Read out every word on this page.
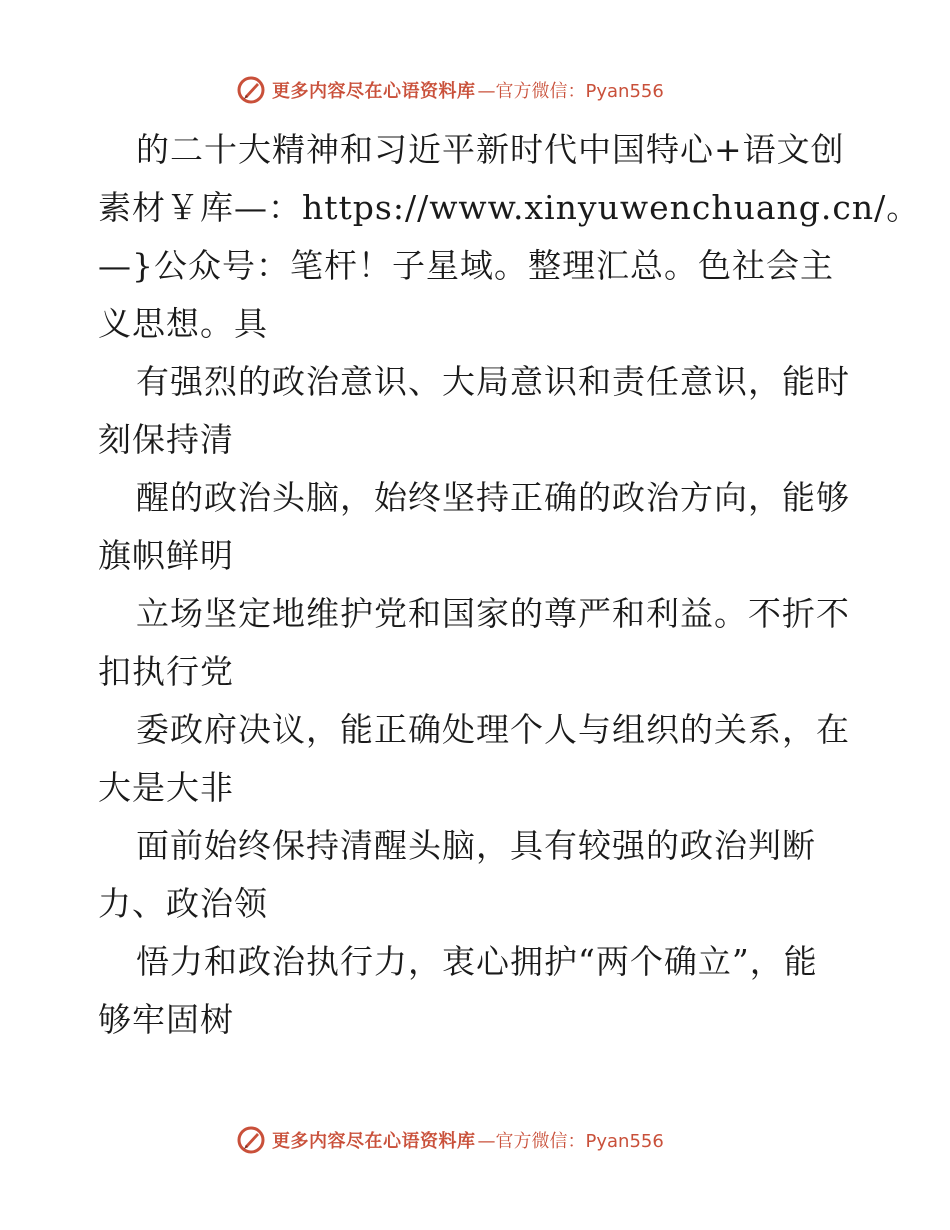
更多内容尽在心语资料库 —官方微信：Pyan556
的二十大精神和习近平新时代中国特心+语文创
素材￥库—：https://www.xinyuwenchuang.cn/。
—}公众号：笔杆！子星域。整理汇总。色社会主
义思想。具
有强烈的政治意识、大局意识和责任意识，能时
刻保持清
醒的政治头脑，始终坚持正确的政治方向，能够
旗帜鲜明
立场坚定地维护党和国家的尊严和利益。不折不
扣执行党
委政府决议，能正确处理个人与组织的关系，在
大是大非
面前始终保持清醒头脑，具有较强的政治判断
力、政治领
悟力和政治执行力，衷心拥护“两个确立”，能
够牢固树
更多内容尽在心语资料库 —官方微信：Pyan556
